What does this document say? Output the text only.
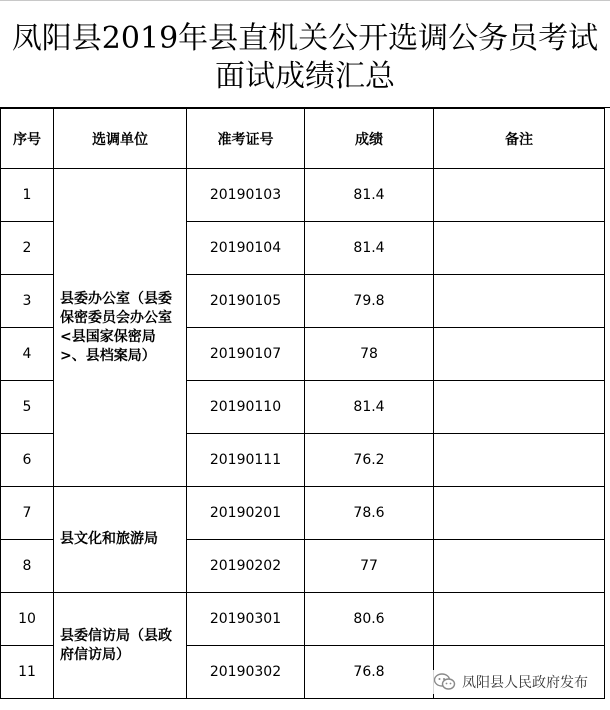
凤阳县2019年县直机关公开选调公务员考试
面试成绩汇总
序号	选调单位	准考证号	成绩	备注
1	县委办公室（县委保密委员会办公室<县国家保密局>、县档案局）	20190103	81.4	
2		20190104	81.4	
3		20190105	79.8	
4		20190107	78	
5		20190110	81.4	
6		20190111	76.2	
7	县文化和旅游局	20190201	78.6	
8		20190202	77	
10	县委信访局（县政府信访局）	20190301	80.6	
11		20190302	76.8	
凤阳县人民政府发布
